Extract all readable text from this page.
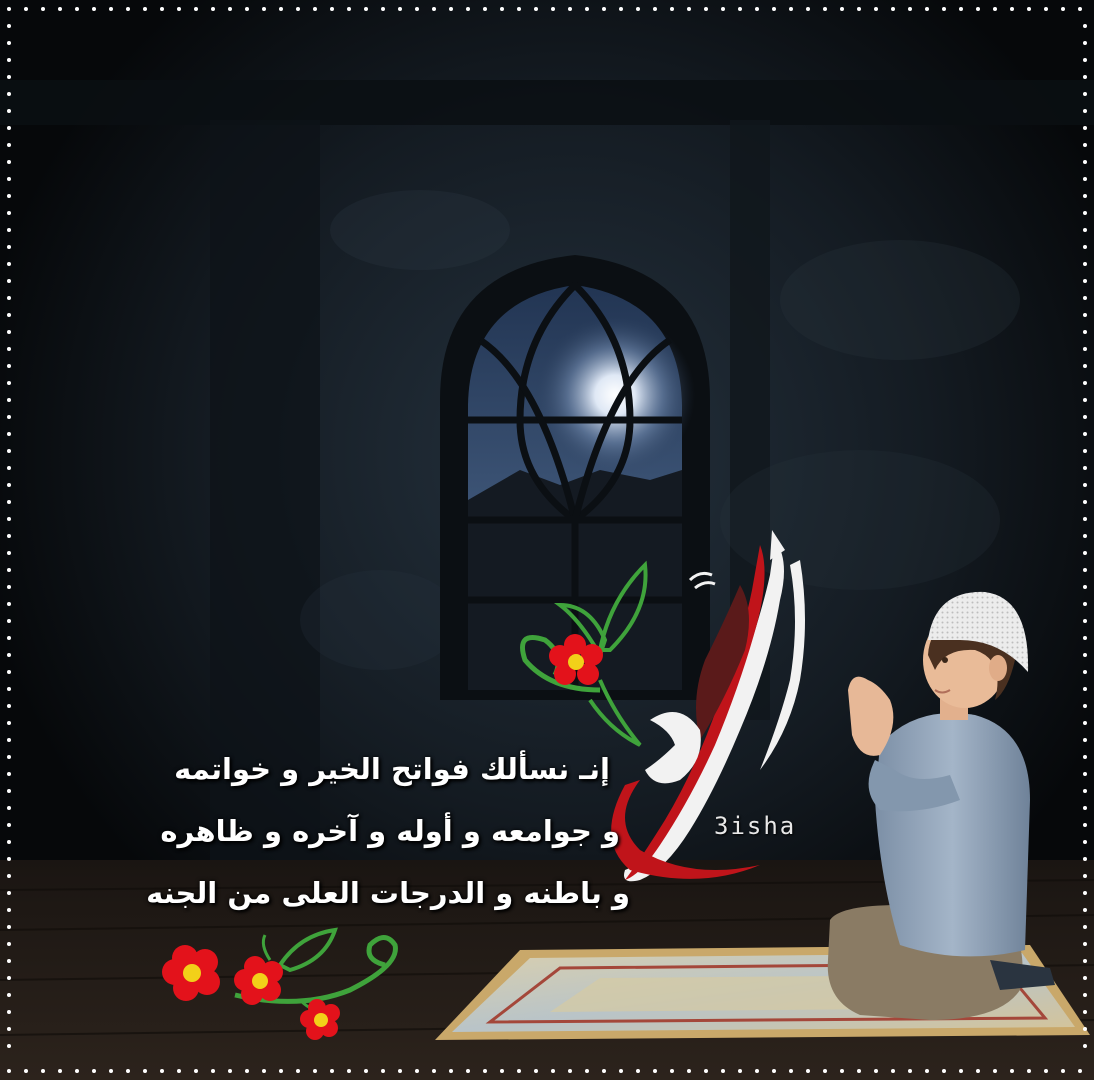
إنـ نسألك فواتح الخير و خواتمه
و جوامعه و أوله و آخره و ظاهره
و باطنه و الدرجات العلى من الجنه
3isha
